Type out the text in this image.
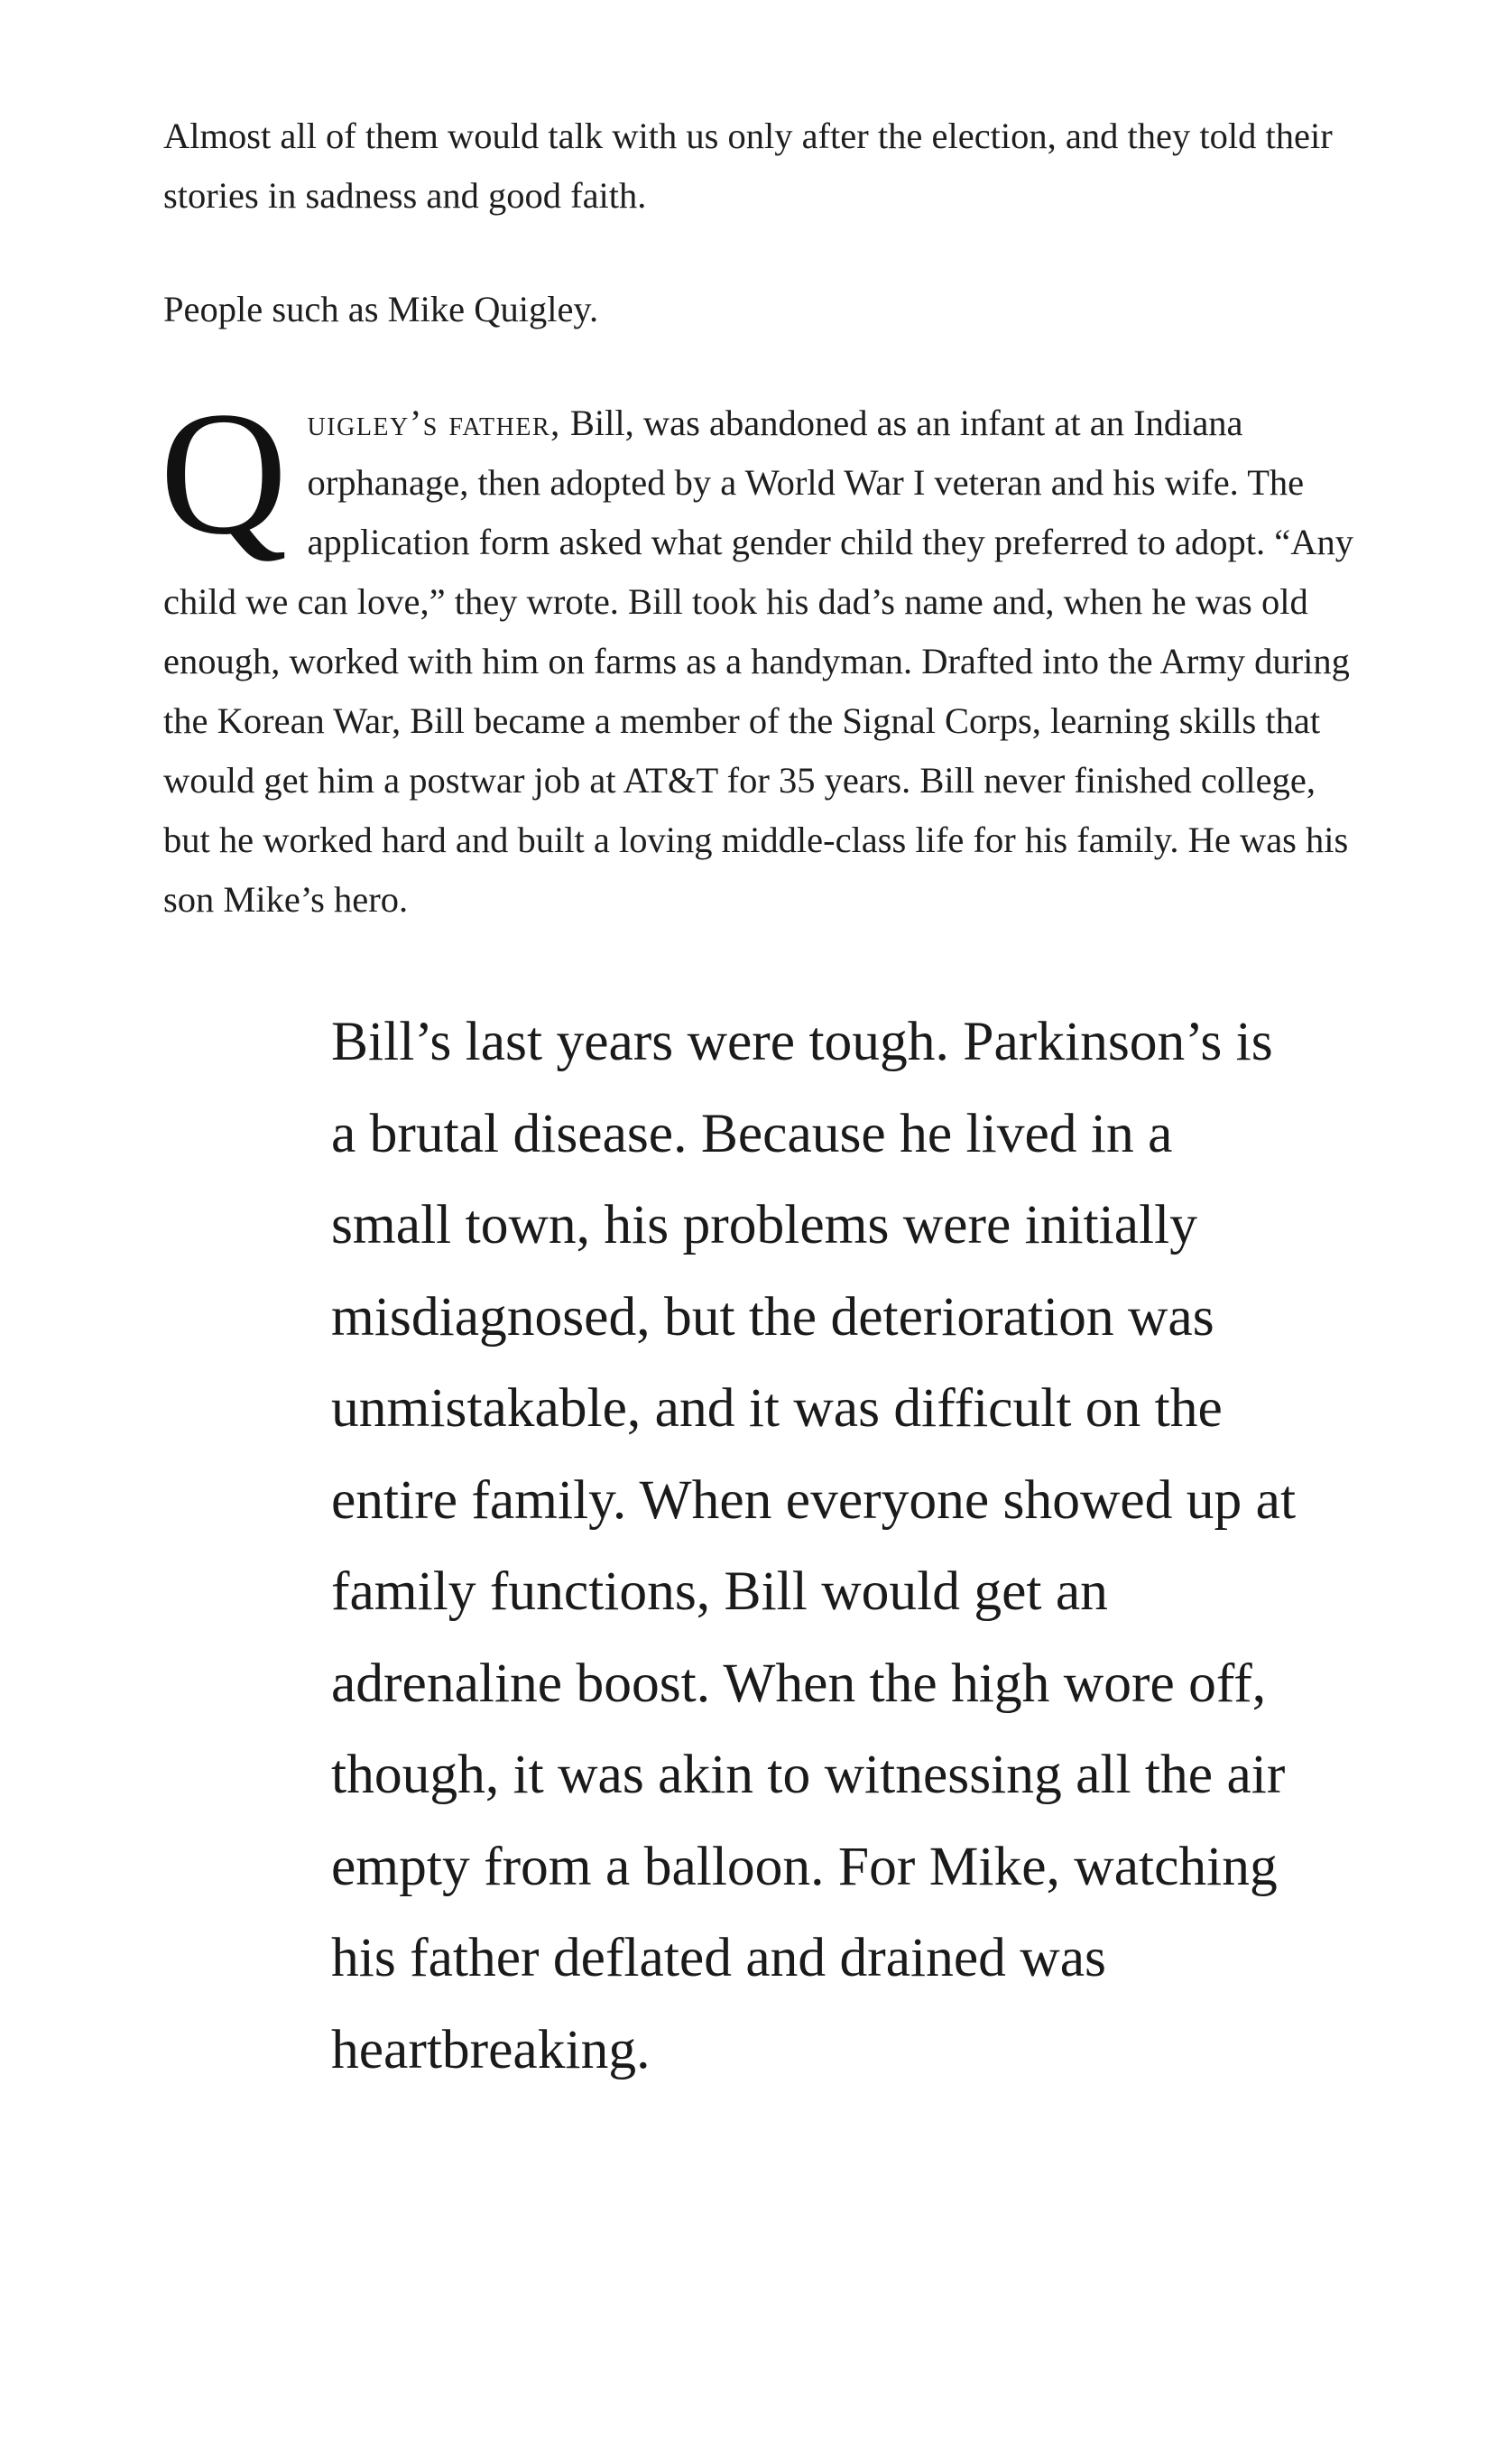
Almost all of them would talk with us only after the election, and they told their stories in sadness and good faith.

People such as Mike Quigley.

Quigley’s father, Bill, was abandoned as an infant at an Indiana orphanage, then adopted by a World War I veteran and his wife. The application form asked what gender child they preferred to adopt. “Any child we can love,” they wrote. Bill took his dad’s name and, when he was old enough, worked with him on farms as a handyman. Drafted into the Army during the Korean War, Bill became a member of the Signal Corps, learning skills that would get him a postwar job at AT&T for 35 years. Bill never finished college, but he worked hard and built a loving middle-class life for his family. He was his son Mike’s hero.

Bill’s last years were tough. Parkinson’s is a brutal disease. Because he lived in a small town, his problems were initially misdiagnosed, but the deterioration was unmistakable, and it was difficult on the entire family. When everyone showed up at family functions, Bill would get an adrenaline boost. When the high wore off, though, it was akin to witnessing all the air empty from a balloon. For Mike, watching his father deflated and drained was heartbreaking.
